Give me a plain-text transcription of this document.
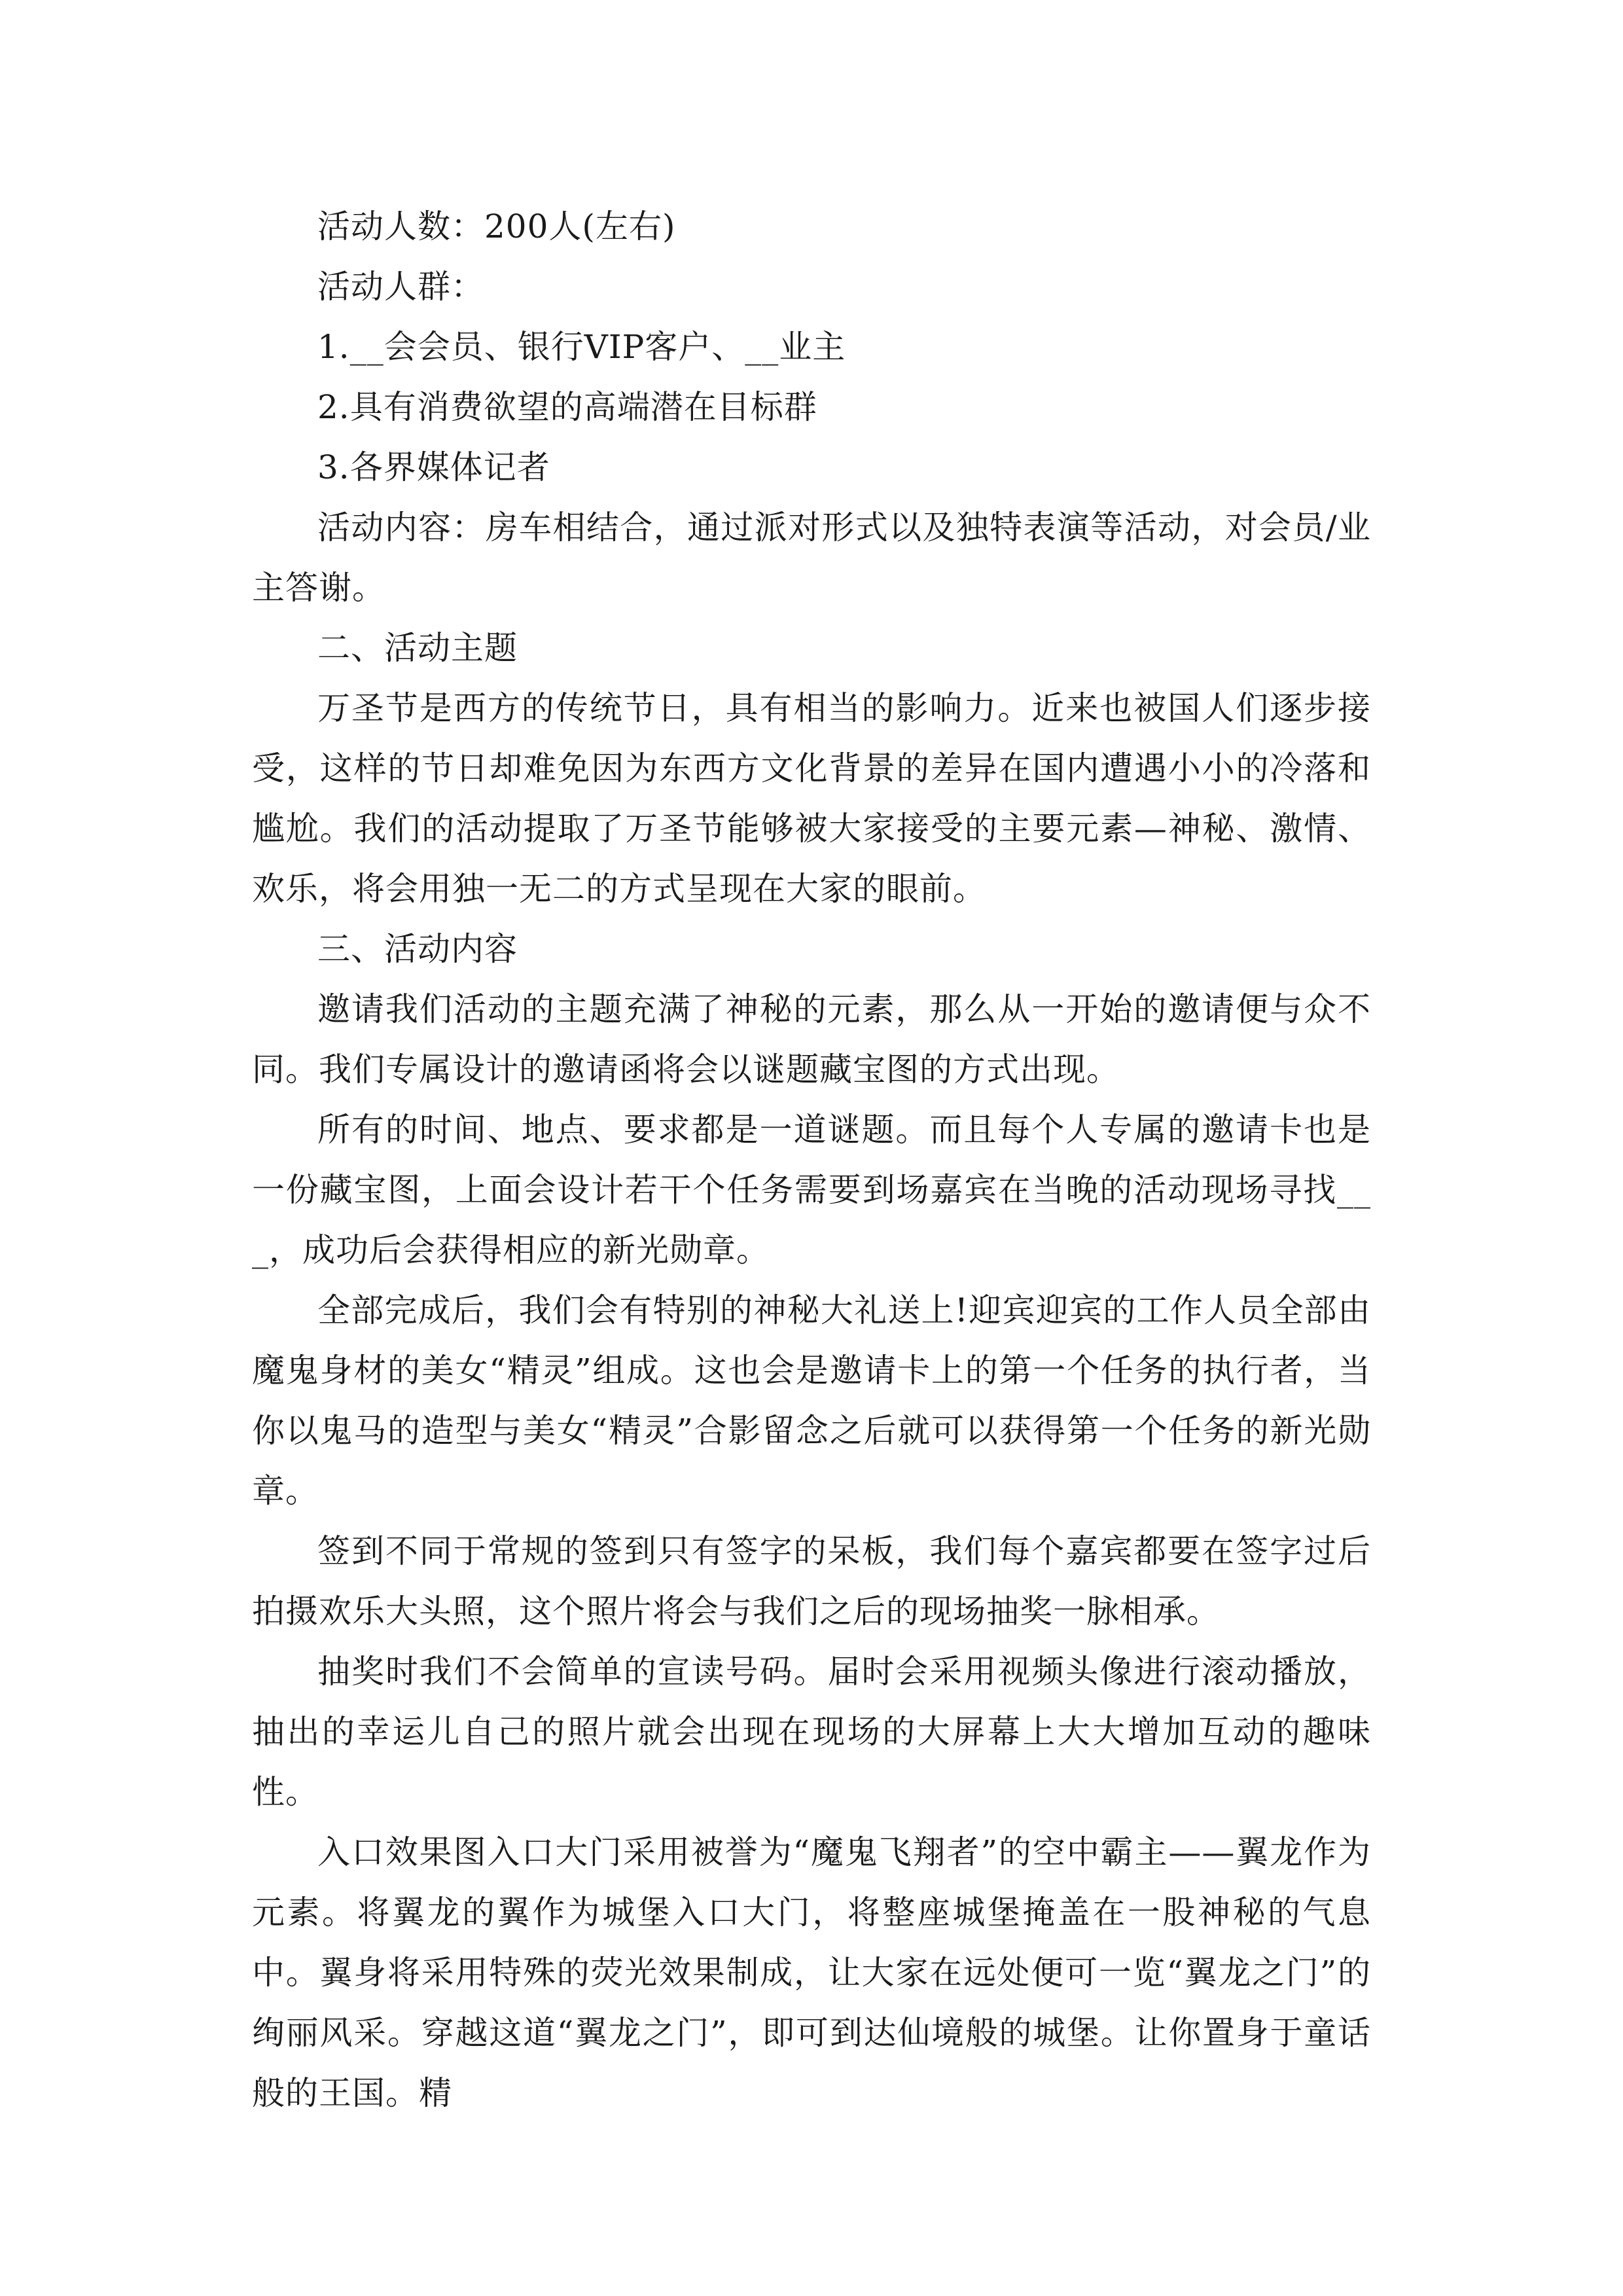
活动人数：200人(左右)

活动人群：

1.__会会员、银行VIP客户、__业主

2.具有消费欲望的高端潜在目标群

3.各界媒体记者

活动内容：房车相结合，通过派对形式以及独特表演等活动，对会员/业主答谢。

二、活动主题

万圣节是西方的传统节日，具有相当的影响力。近来也被国人们逐步接受，这样的节日却难免因为东西方文化背景的差异在国内遭遇小小的冷落和尴尬。我们的活动提取了万圣节能够被大家接受的主要元素—神秘、激情、欢乐，将会用独一无二的方式呈现在大家的眼前。

三、活动内容

邀请我们活动的主题充满了神秘的元素，那么从一开始的邀请便与众不同。我们专属设计的邀请函将会以谜题藏宝图的方式出现。

所有的时间、地点、要求都是一道谜题。而且每个人专属的邀请卡也是一份藏宝图，上面会设计若干个任务需要到场嘉宾在当晚的活动现场寻找___，成功后会获得相应的新光勋章。

全部完成后，我们会有特别的神秘大礼送上!迎宾迎宾的工作人员全部由魔鬼身材的美女“精灵”组成。这也会是邀请卡上的第一个任务的执行者，当你以鬼马的造型与美女“精灵”合影留念之后就可以获得第一个任务的新光勋章。

签到不同于常规的签到只有签字的呆板，我们每个嘉宾都要在签字过后拍摄欢乐大头照，这个照片将会与我们之后的现场抽奖一脉相承。

抽奖时我们不会简单的宣读号码。届时会采用视频头像进行滚动播放，抽出的幸运儿自己的照片就会出现在现场的大屏幕上大大增加互动的趣味性。

入口效果图入口大门采用被誉为“魔鬼飞翔者”的空中霸主——翼龙作为元素。将翼龙的翼作为城堡入口大门，将整座城堡掩盖在一股神秘的气息中。翼身将采用特殊的荧光效果制成，让大家在远处便可一览“翼龙之门”的绚丽风采。穿越这道“翼龙之门”，即可到达仙境般的城堡。让你置身于童话般的王国。精
